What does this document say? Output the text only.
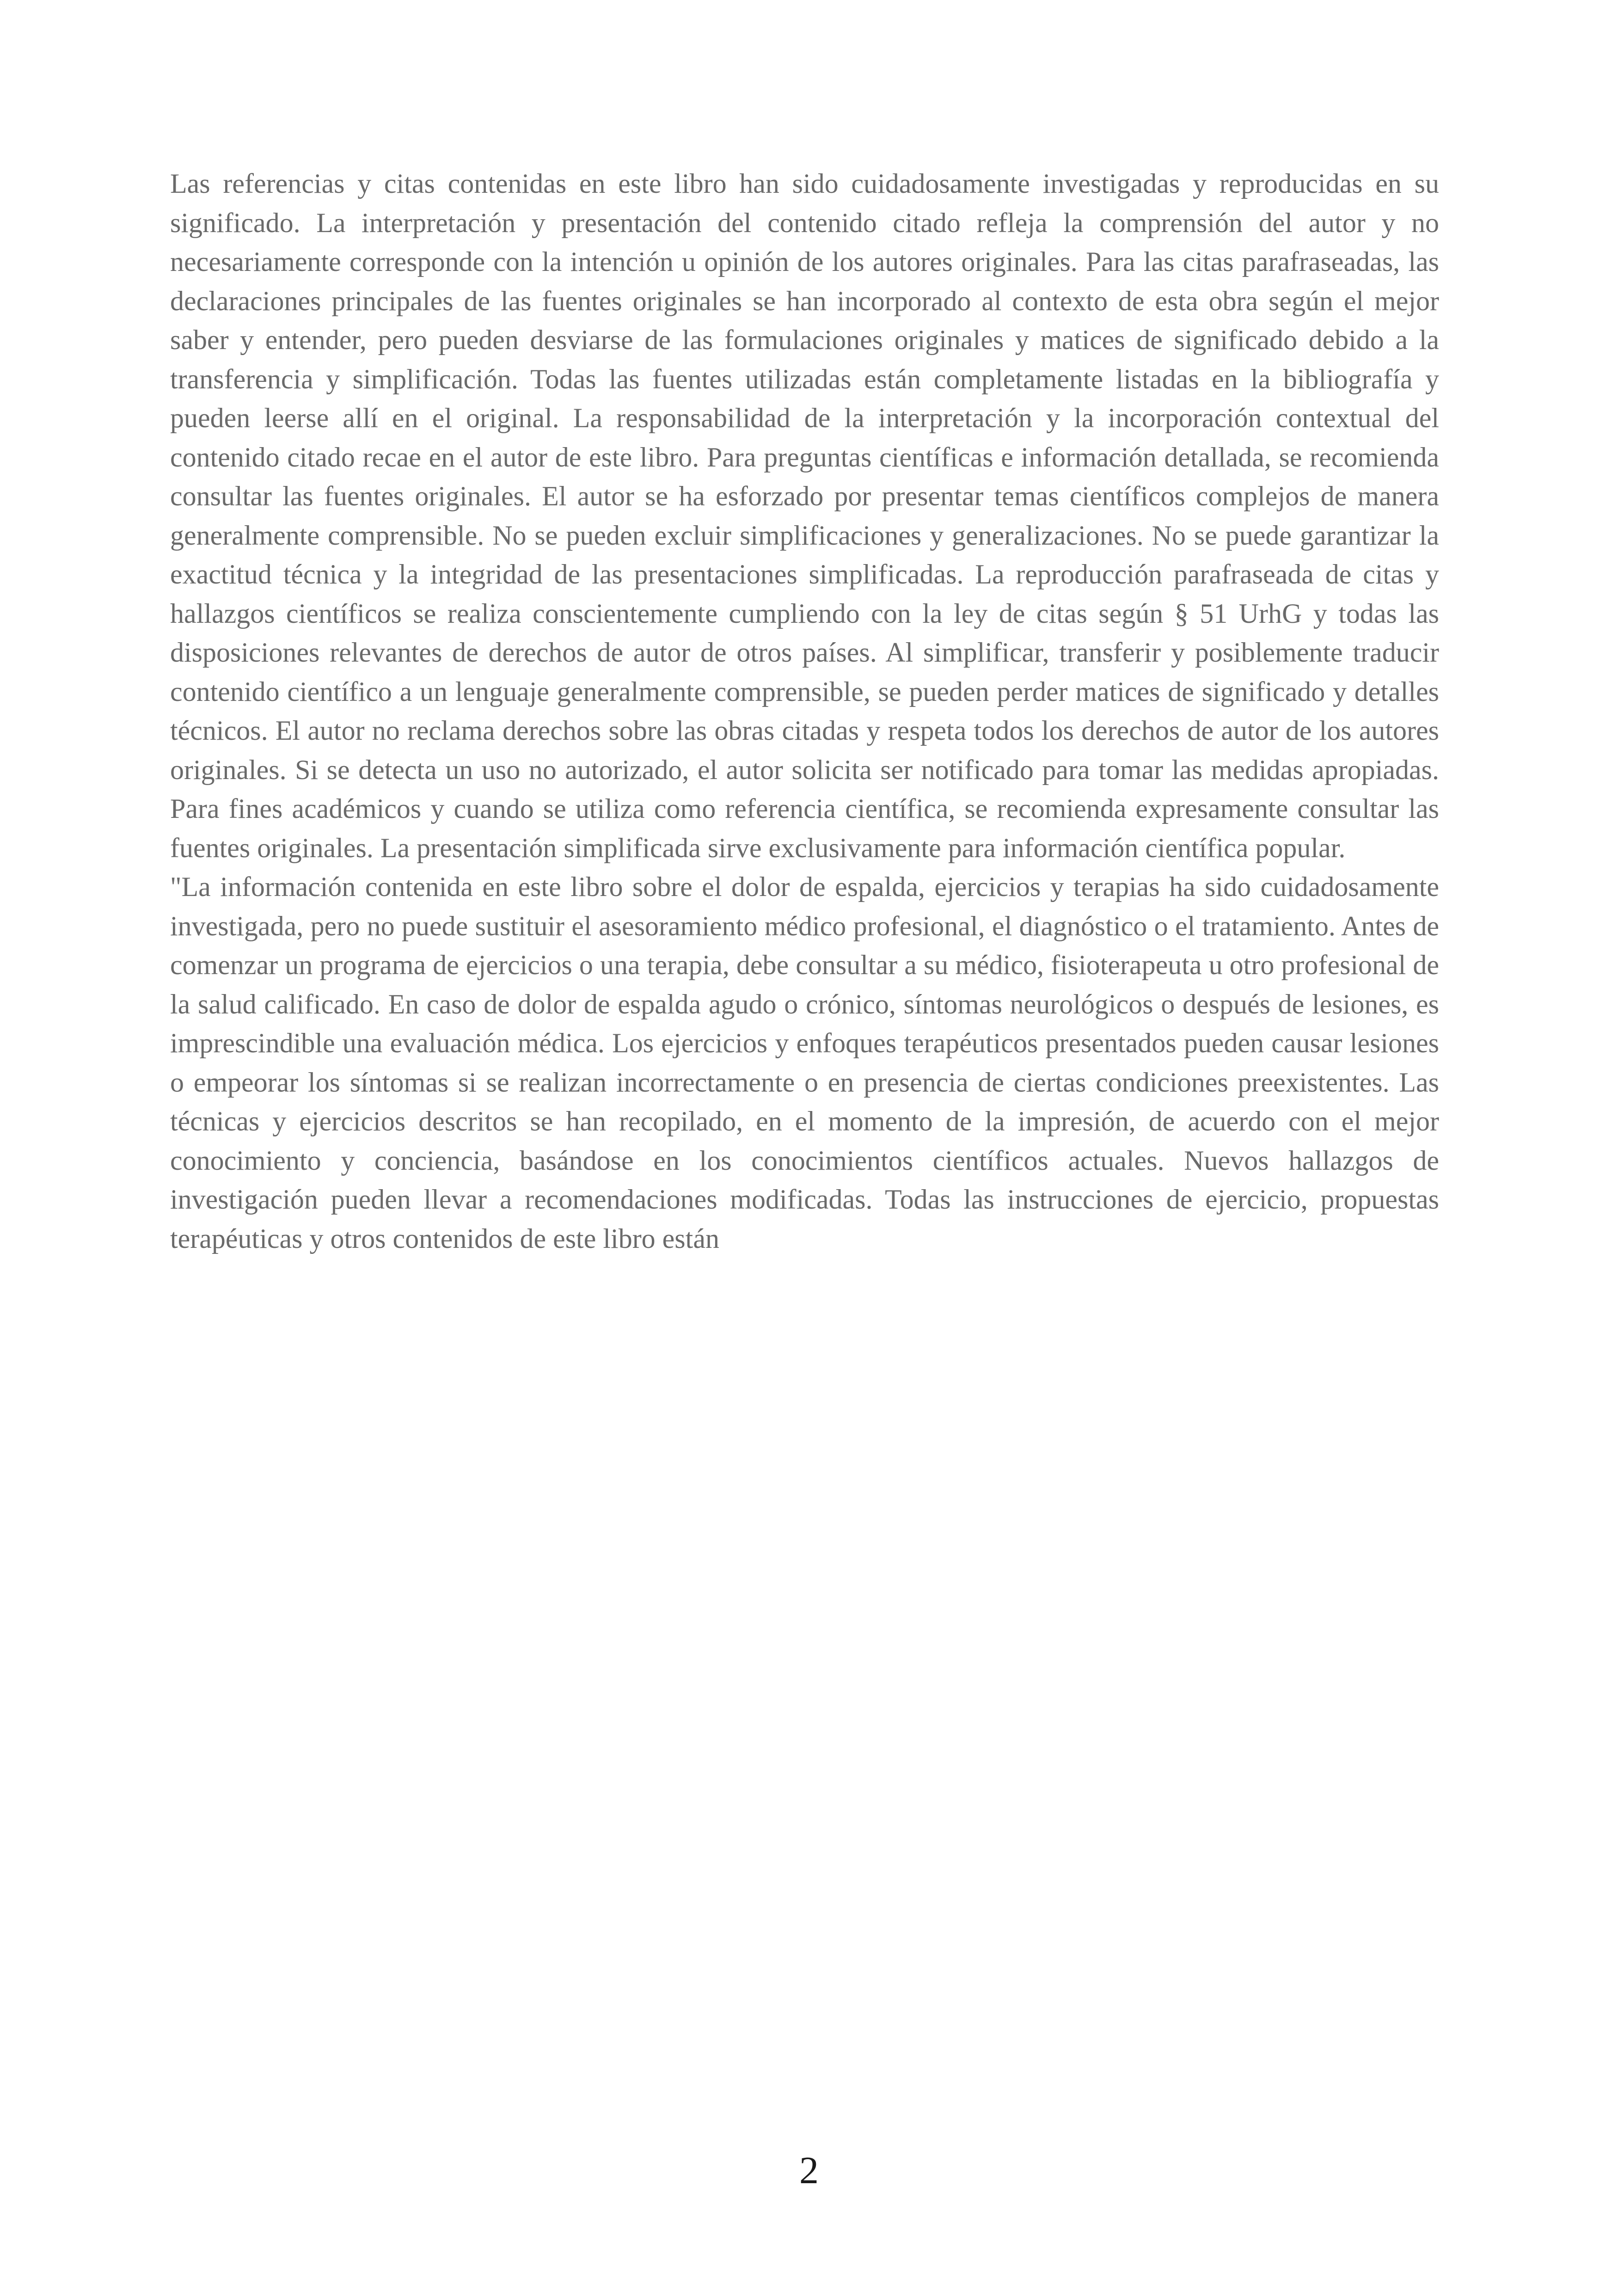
Las referencias y citas contenidas en este libro han sido cuidadosamente investigadas y reproducidas en su significado. La interpretación y presentación del contenido citado refleja la comprensión del autor y no necesariamente corresponde con la intención u opinión de los autores originales. Para las citas parafraseadas, las declaraciones principales de las fuentes originales se han incorporado al contexto de esta obra según el mejor saber y entender, pero pueden desviarse de las formulaciones originales y matices de significado debido a la transferencia y simplificación. Todas las fuentes utilizadas están completamente listadas en la bibliografía y pueden leerse allí en el original. La responsabilidad de la interpretación y la incorporación contextual del contenido citado recae en el autor de este libro. Para preguntas científicas e información detallada, se recomienda consultar las fuentes originales. El autor se ha esforzado por presentar temas científicos complejos de manera generalmente comprensible. No se pueden excluir simplificaciones y generalizaciones. No se puede garantizar la exactitud técnica y la integridad de las presentaciones simplificadas. La reproducción parafraseada de citas y hallazgos científicos se realiza conscientemente cumpliendo con la ley de citas según § 51 UrhG y todas las disposiciones relevantes de derechos de autor de otros países. Al simplificar, transferir y posiblemente traducir contenido científico a un lenguaje generalmente comprensible, se pueden perder matices de significado y detalles técnicos. El autor no reclama derechos sobre las obras citadas y respeta todos los derechos de autor de los autores originales. Si se detecta un uso no autorizado, el autor solicita ser notificado para tomar las medidas apropiadas. Para fines académicos y cuando se utiliza como referencia científica, se recomienda expresamente consultar las fuentes originales. La presentación simplificada sirve exclusivamente para información científica popular.

"La información contenida en este libro sobre el dolor de espalda, ejercicios y terapias ha sido cuidadosamente investigada, pero no puede sustituir el asesoramiento médico profesional, el diagnóstico o el tratamiento. Antes de comenzar un programa de ejercicios o una terapia, debe consultar a su médico, fisioterapeuta u otro profesional de la salud calificado. En caso de dolor de espalda agudo o crónico, síntomas neurológicos o después de lesiones, es imprescindible una evaluación médica. Los ejercicios y enfoques terapéuticos presentados pueden causar lesiones o empeorar los síntomas si se realizan incorrectamente o en presencia de ciertas condiciones preexistentes. Las técnicas y ejercicios descritos se han recopilado, en el momento de la impresión, de acuerdo con el mejor conocimiento y conciencia, basándose en los conocimientos científicos actuales. Nuevos hallazgos de investigación pueden llevar a recomendaciones modificadas. Todas las instrucciones de ejercicio, propuestas terapéuticas y otros contenidos de este libro están

2
